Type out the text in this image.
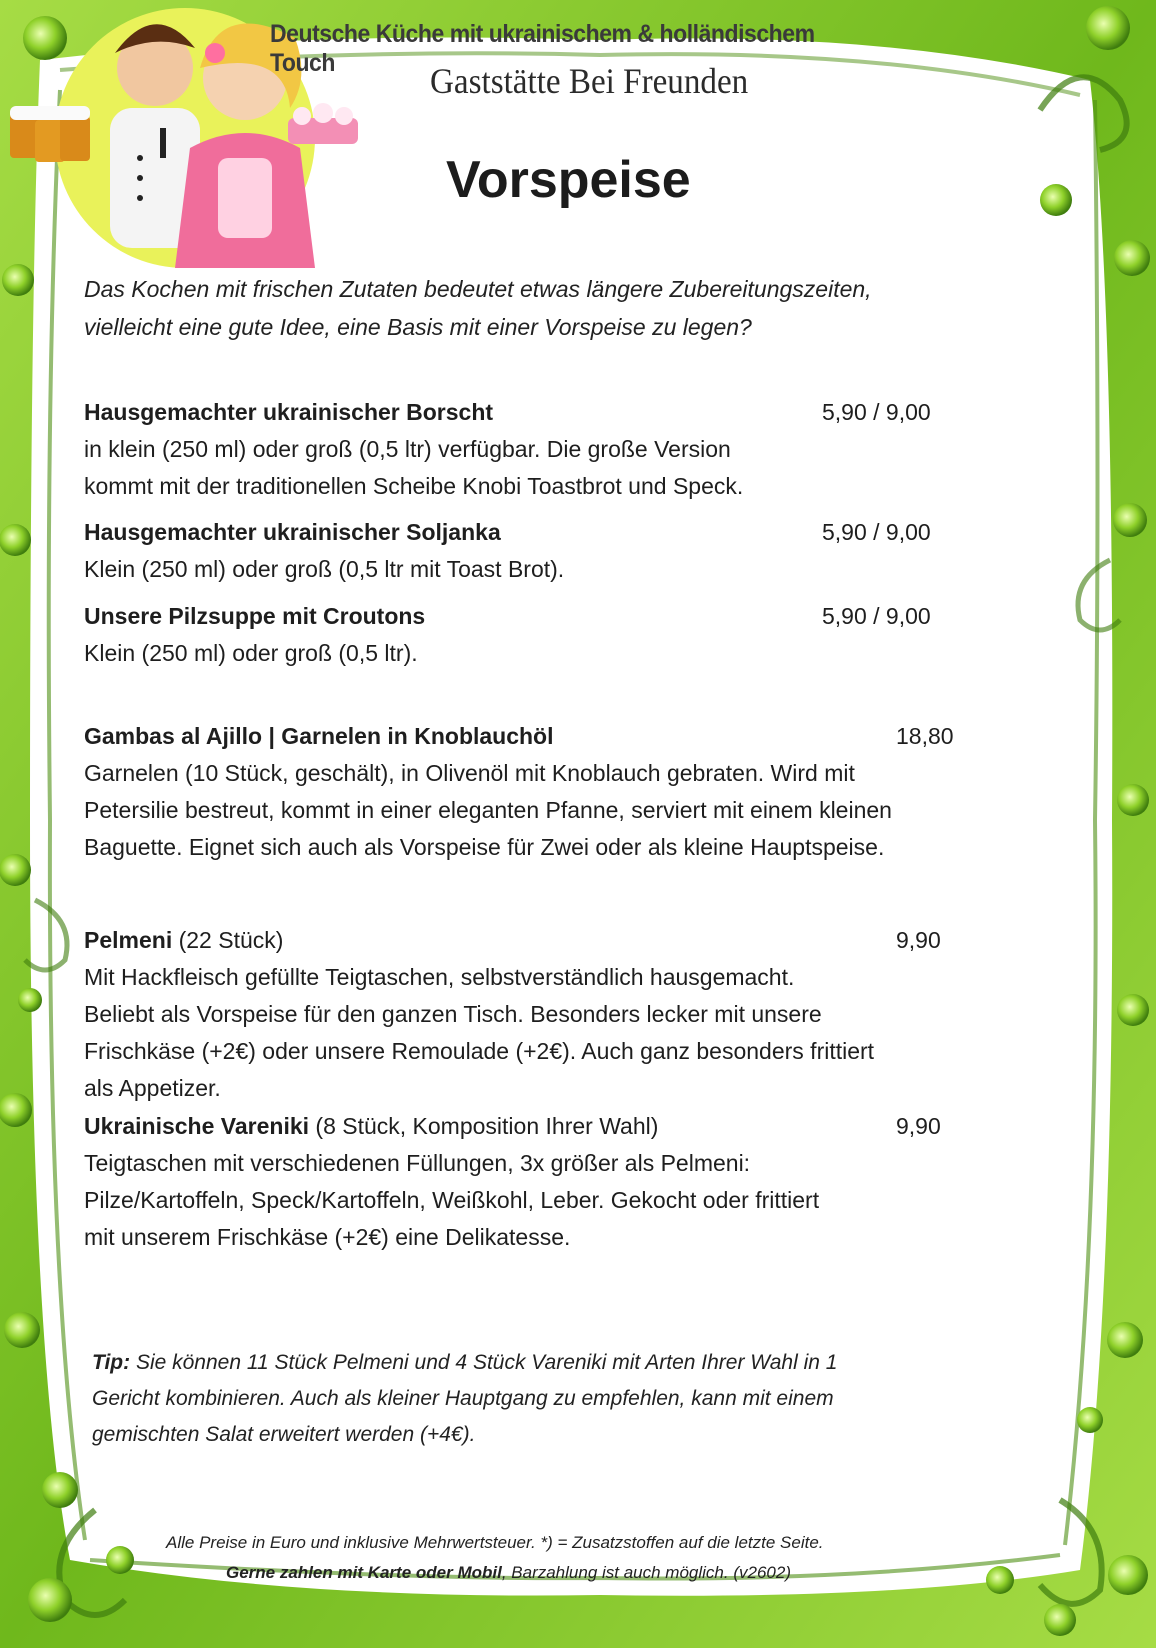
Deutsche Küche mit ukrainischem & holländischem Touch	Gaststätte Bei Freunden
Vorspeise
Das Kochen mit frischen Zutaten bedeutet etwas längere Zubereitungszeiten,
vielleicht eine gute Idee, eine Basis mit einer Vorspeise zu legen?
Hausgemachter ukrainischer Borscht	5,90 / 9,00
in klein (250 ml) oder groß (0,5 ltr) verfügbar. Die große Version
kommt mit der traditionellen Scheibe Knobi Toastbrot und Speck.
Hausgemachter ukrainischer Soljanka	5,90 / 9,00
Klein (250 ml) oder groß (0,5 ltr mit Toast Brot).
Unsere Pilzsuppe mit Croutons	5,90 / 9,00
Klein (250 ml) oder groß (0,5 ltr).
Gambas al Ajillo | Garnelen in Knoblauchöl	18,80
Garnelen (10 Stück, geschält), in Olivenöl mit Knoblauch gebraten. Wird mit
Petersilie bestreut, kommt in einer eleganten Pfanne, serviert mit einem kleinen
Baguette. Eignet sich auch als Vorspeise für Zwei oder als kleine Hauptspeise.
Pelmeni (22 Stück)	9,90
Mit Hackfleisch gefüllte Teigtaschen, selbstverständlich hausgemacht.
Beliebt als Vorspeise für den ganzen Tisch. Besonders lecker mit unsere
Frischkäse (+2€) oder unsere Remoulade (+2€). Auch ganz besonders frittiert
als Appetizer.
Ukrainische Vareniki (8 Stück, Komposition Ihrer Wahl)	9,90
Teigtaschen mit verschiedenen Füllungen, 3x größer als Pelmeni:
Pilze/Kartoffeln, Speck/Kartoffeln, Weißkohl, Leber. Gekocht oder frittiert
mit unserem Frischkäse (+2€) eine Delikatesse.
Tip: Sie können 11 Stück Pelmeni und 4 Stück Vareniki mit Arten Ihrer Wahl in 1
Gericht kombinieren. Auch als kleiner Hauptgang zu empfehlen, kann mit einem
gemischten Salat erweitert werden (+4€).
Alle Preise in Euro und inklusive Mehrwertsteuer. *) = Zusatzstoffen auf die letzte Seite.
Gerne zahlen mit Karte oder Mobil, Barzahlung ist auch möglich. (v2602)
